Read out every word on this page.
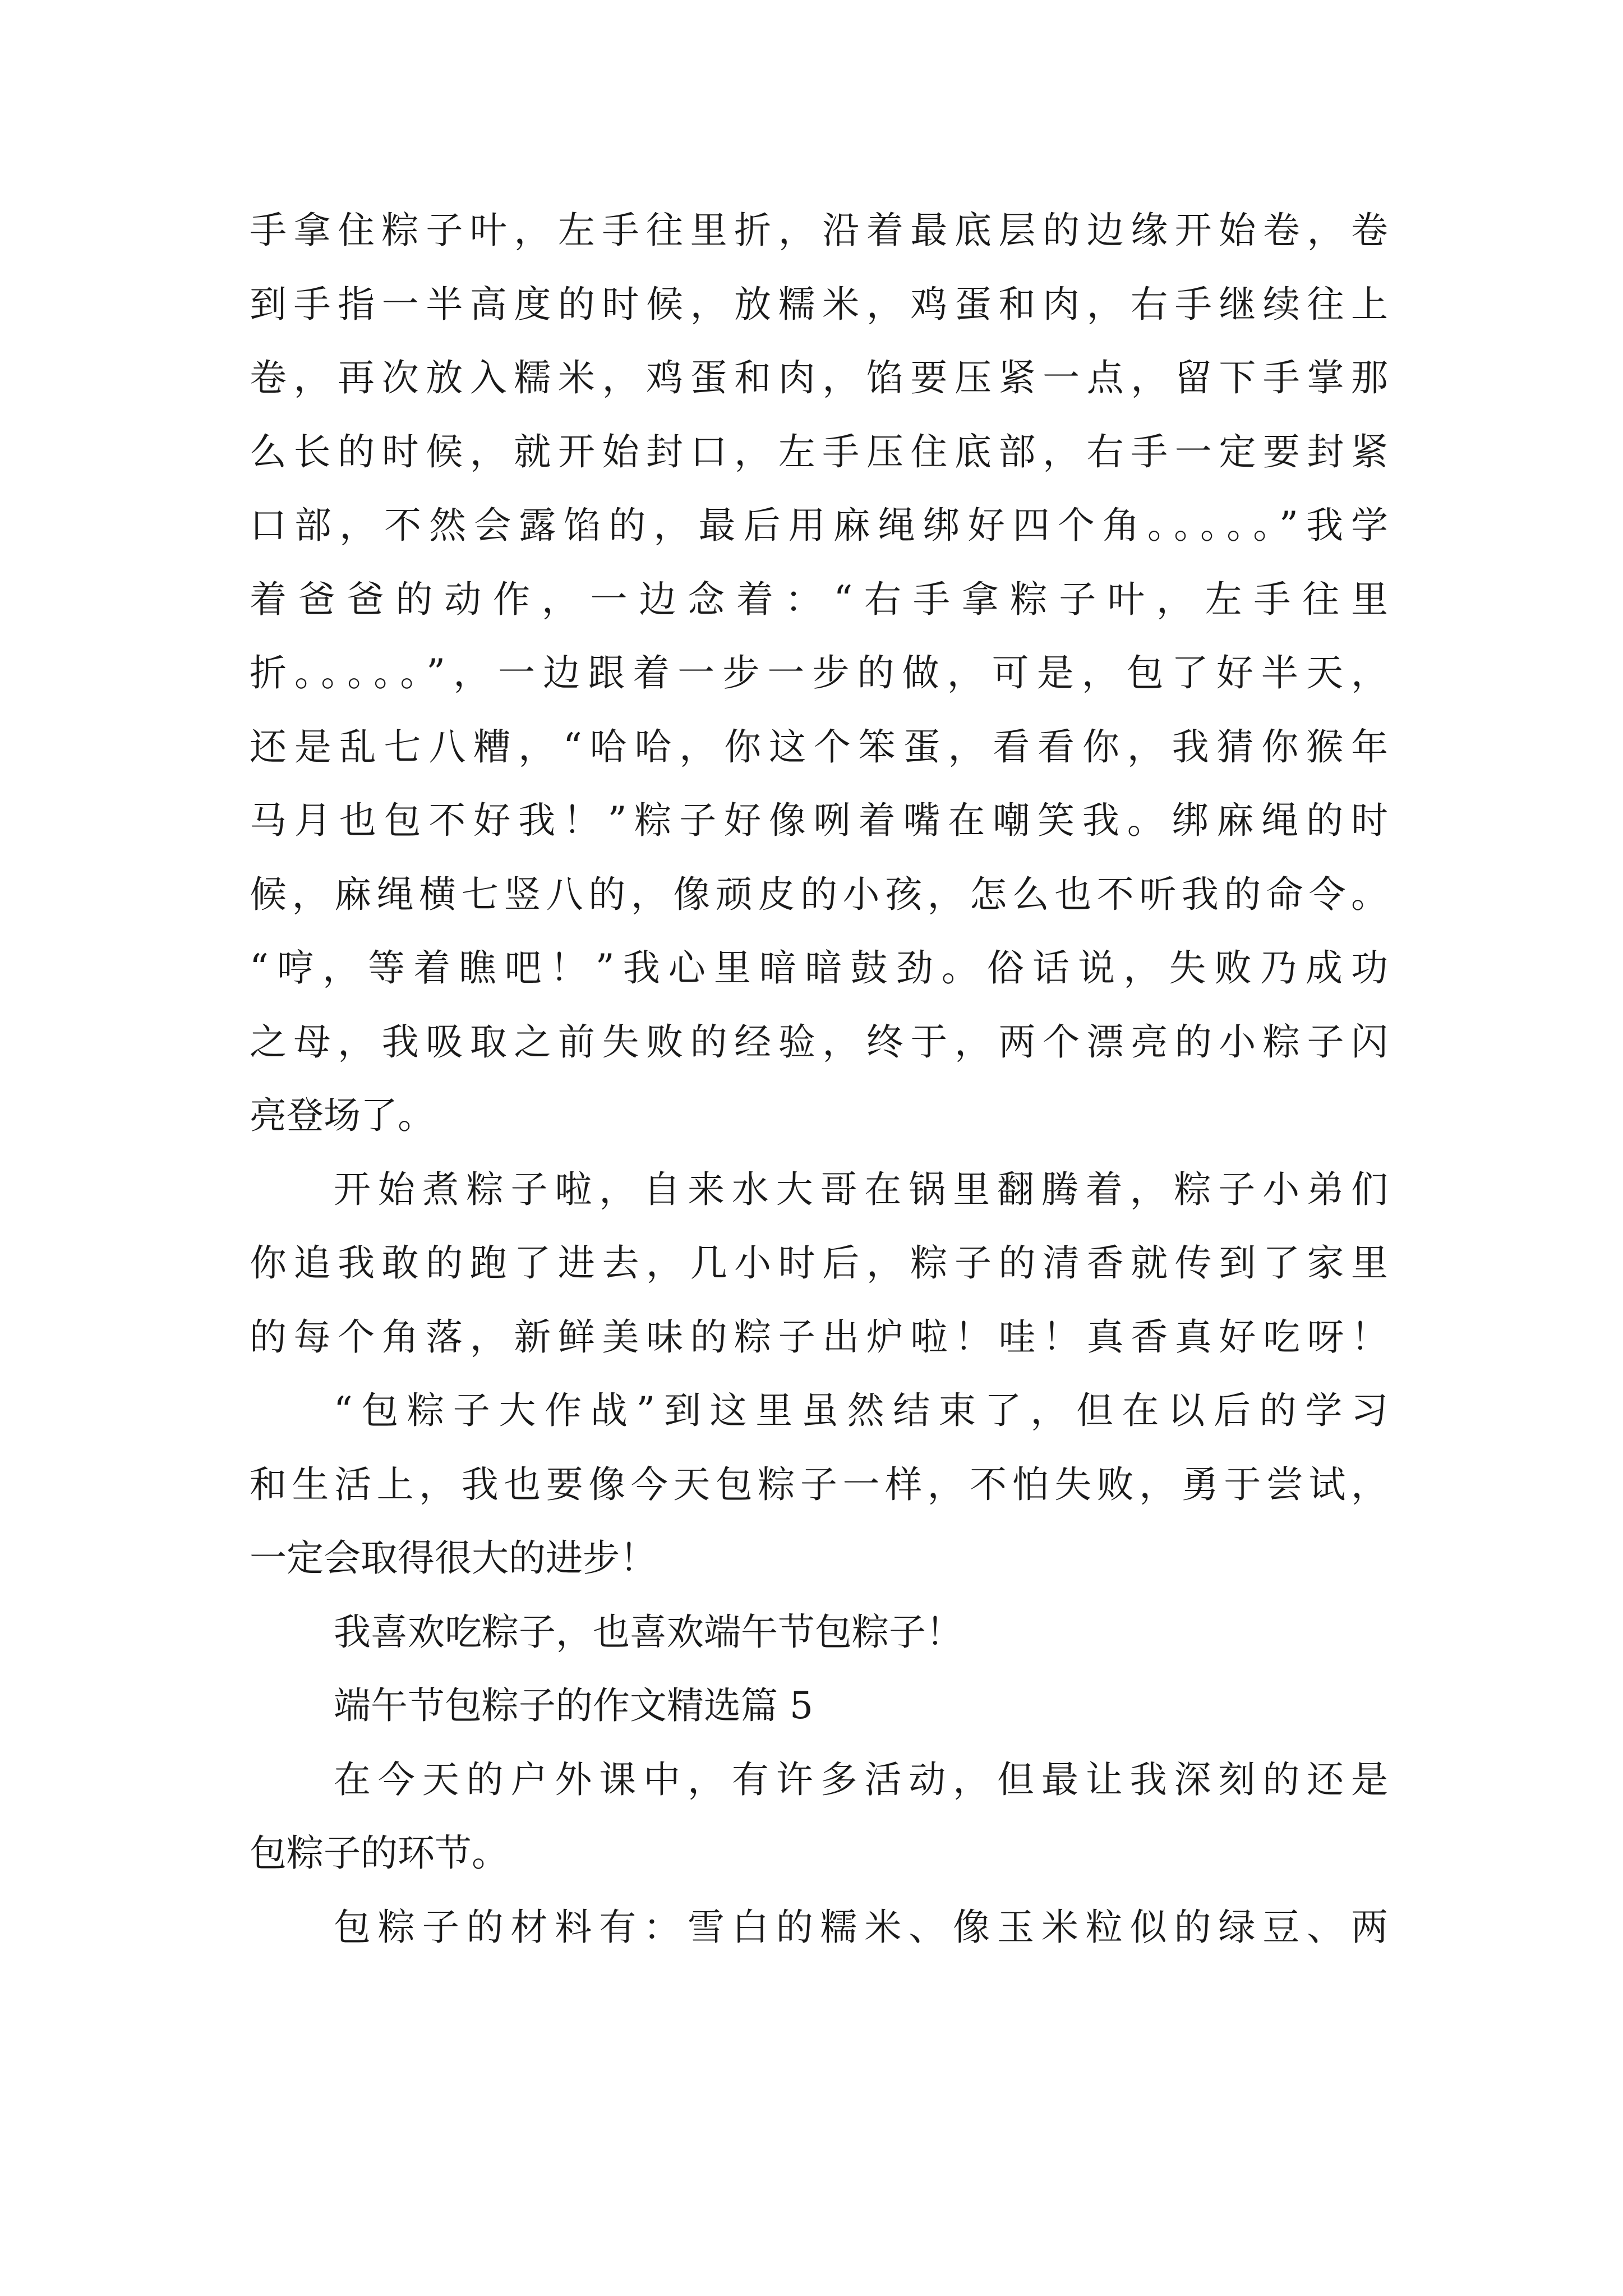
手拿住粽子叶，左手往里折，沿着最底层的边缘开始卷，卷
到手指一半高度的时候，放糯米，鸡蛋和肉，右手继续往上
卷，再次放入糯米，鸡蛋和肉，馅要压紧一点，留下手掌那
么长的时候，就开始封口，左手压住底部，右手一定要封紧
口部，不然会露馅的，最后用麻绳绑好四个角。。。。。”我学
着爸爸的动作，一边念着：“右手拿粽子叶，左手往里
折。。。。。”，一边跟着一步一步的做，可是，包了好半天，
还是乱七八糟，“哈哈，你这个笨蛋，看看你，我猜你猴年
马月也包不好我！”粽子好像咧着嘴在嘲笑我。绑麻绳的时
候，麻绳横七竖八的，像顽皮的小孩，怎么也不听我的命令。
“哼，等着瞧吧！”我心里暗暗鼓劲。俗话说，失败乃成功
之母，我吸取之前失败的经验，终于，两个漂亮的小粽子闪
亮登场了。
开始煮粽子啦，自来水大哥在锅里翻腾着，粽子小弟们
你追我敢的跑了进去，几小时后，粽子的清香就传到了家里
的每个角落，新鲜美味的粽子出炉啦！哇！真香真好吃呀！
“包粽子大作战”到这里虽然结束了，但在以后的学习
和生活上，我也要像今天包粽子一样，不怕失败，勇于尝试，
一定会取得很大的进步！
我喜欢吃粽子，也喜欢端午节包粽子！
端午节包粽子的作文精选篇 5
在今天的户外课中，有许多活动，但最让我深刻的还是
包粽子的环节。
包粽子的材料有：雪白的糯米、像玉米粒似的绿豆、两
